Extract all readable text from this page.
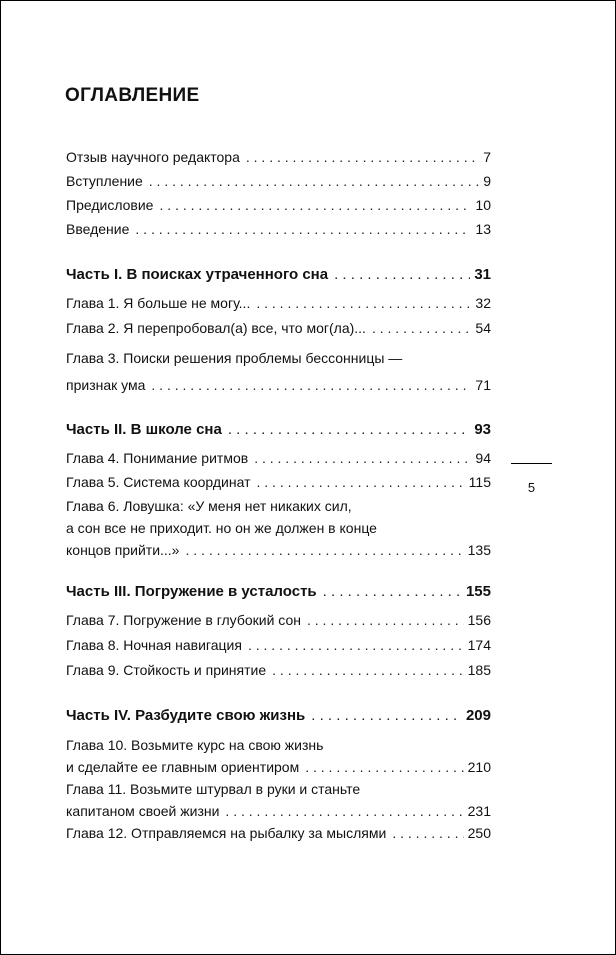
ОГЛАВЛЕНИЕ
Отзыв научного редактора . . .	7
Вступление . . .	9
Предисловие . . .	10
Введение . . .	13
Часть I. В поисках утраченного сна . . .	31
Глава 1. Я больше не могу... . . .	32
Глава 2. Я перепробовал(а) все, что мог(ла)... . . .	54
Глава 3. Поиски решения проблемы бессонницы —
признак ума . . .	71
Часть II. В школе сна . . .	93
Глава 4. Понимание ритмов . . .	94
Глава 5. Система координат . . .	115
Глава 6. Ловушка: «У меня нет никаких сил,
а сон все не приходит. но он же должен в конце
концов прийти...» . . .	135
Часть III. Погружение в усталость . . .	155
Глава 7. Погружение в глубокий сон . . .	156
Глава 8. Ночная навигация . . .	174
Глава 9. Стойкость и принятие . . .	185
Часть IV. Разбудите свою жизнь . . .	209
Глава 10. Возьмите курс на свою жизнь
и сделайте ее главным ориентиром . . .	210
Глава 11. Возьмите штурвал в руки и станьте
капитаном своей жизни . . .	231
Глава 12. Отправляемся на рыбалку за мыслями . . .	250
5
